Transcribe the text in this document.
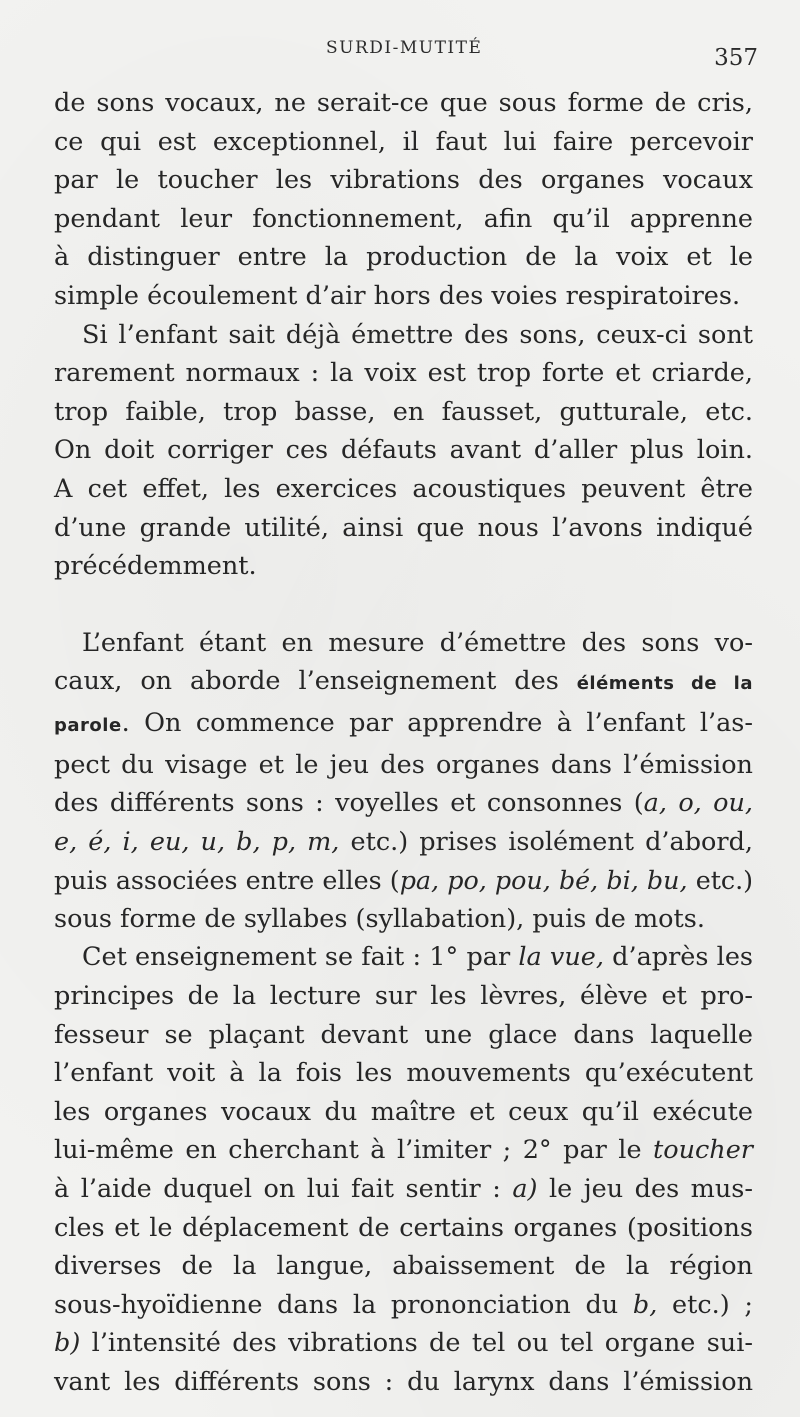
SURDI-MUTITÉ	357

de sons vocaux, ne serait-ce que sous forme de cris,
ce qui est exceptionnel, il faut lui faire percevoir
par le toucher les vibrations des organes vocaux
pendant leur fonctionnement, afin qu’il apprenne
à distinguer entre la production de la voix et le
simple écoulement d’air hors des voies respiratoires.

Si l’enfant sait déjà émettre des sons, ceux-ci sont
rarement normaux : la voix est trop forte et criarde,
trop faible, trop basse, en fausset, gutturale, etc.
On doit corriger ces défauts avant d’aller plus loin.
A cet effet, les exercices acoustiques peuvent être
d’une grande utilité, ainsi que nous l’avons indiqué
précédemment.

L’enfant étant en mesure d’émettre des sons vo-
caux, on aborde l’enseignement des éléments de la
parole. On commence par apprendre à l’enfant l’as-
pect du visage et le jeu des organes dans l’émission
des différents sons : voyelles et consonnes (a, o, ou,
e, é, i, eu, u, b, p, m, etc.) prises isolément d’abord,
puis associées entre elles (pa, po, pou, bé, bi, bu, etc.)
sous forme de syllabes (syllabation), puis de mots.

Cet enseignement se fait : 1° par la vue, d’après les
principes de la lecture sur les lèvres, élève et pro-
fesseur se plaçant devant une glace dans laquelle
l’enfant voit à la fois les mouvements qu’exécutent
les organes vocaux du maître et ceux qu’il exécute
lui-même en cherchant à l’imiter ; 2° par le toucher
à l’aide duquel on lui fait sentir : a) le jeu des mus-
cles et le déplacement de certains organes (positions
diverses de la langue, abaissement de la région
sous-hyoïdienne dans la prononciation du b, etc.) ;
b) l’intensité des vibrations de tel ou tel organe sui-
vant les différents sons : du larynx dans l’émission
